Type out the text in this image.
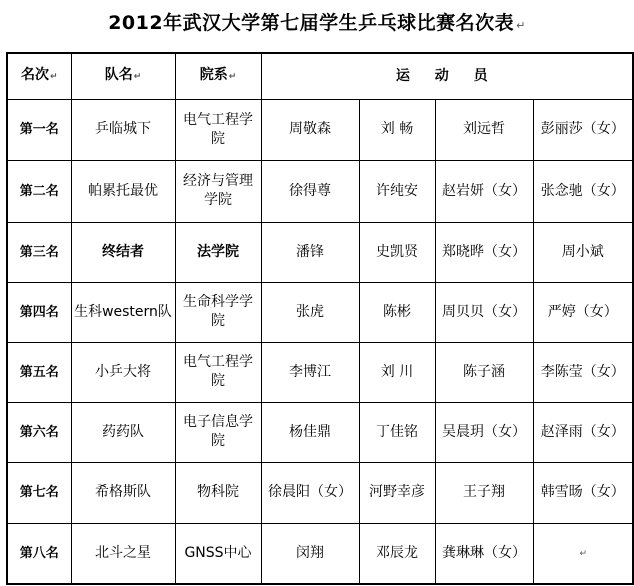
2012年武汉大学第七届学生乒乓球比赛名次表 ↵
名次↵	队名↵	院系↵	运 动 员			
第一名	乒临城下	电气工程学院	周敬森	刘 畅	刘远哲	彭丽莎（女）
第二名	帕累托最优	经济与管理学院	徐得尊	许纯安	赵岩妍（女）	张念驰（女）
第三名	终结者	法学院	潘锋	史凯贤	郑晓晔（女）	周小斌
第四名	生科western队	生命科学学院	张虎	陈彬	周贝贝（女）	严婷（女）
第五名	小乒大将	电气工程学院	李博江	刘 川	陈子涵	李陈莹（女）
第六名	药药队	电子信息学院	杨佳鼎	丁佳铭	吴晨玥（女）	赵泽雨（女）
第七名	希格斯队	物科院	徐晨阳（女）	河野幸彦	王子翔	韩雪旸（女）
第八名	北斗之星	GNSS中心	闵翔	邓辰龙	龚琳琳（女）	↵
